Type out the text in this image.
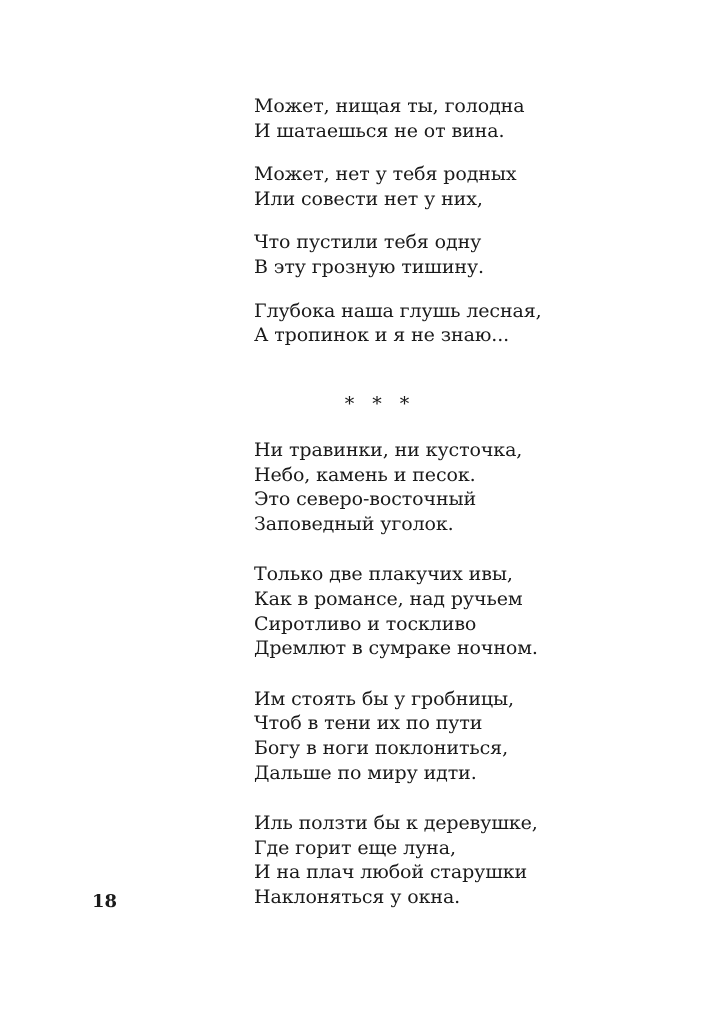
Может, нищая ты, голодна
И шатаешься не от вина.
Может, нет у тебя родных
Или совести нет у них,
Что пустили тебя одну
В эту грозную тишину.
Глубока наша глушь лесная,
А тропинок и я не знаю...
* * *
Ни травинки, ни кусточка,
Небо, камень и песок.
Это северо-восточный
Заповедный уголок.
Только две плакучих ивы,
Как в романсе, над ручьем
Сиротливо и тоскливо
Дремлют в сумраке ночном.
Им стоять бы у гробницы,
Чтоб в тени их по пути
Богу в ноги поклониться,
Дальше по миру идти.
Иль ползти бы к деревушке,
Где горит еще луна,
И на плач любой старушки
Наклоняться у окна.
18
